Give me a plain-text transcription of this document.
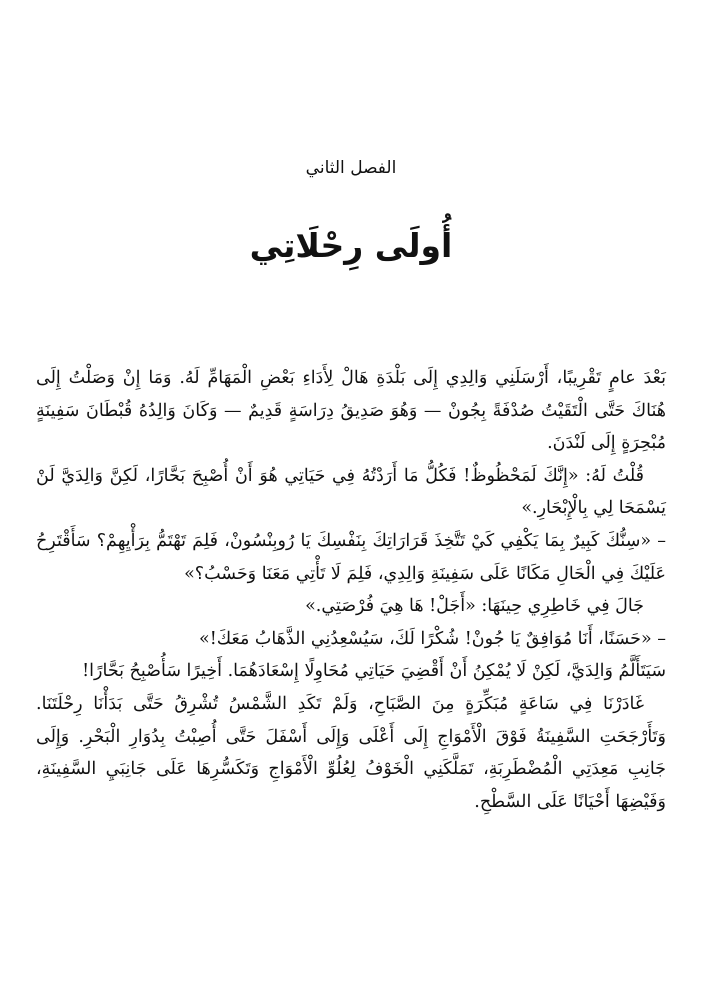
الفصل الثاني
أُولَى رِحْلَاتِي

بَعْدَ عامٍ تَقْرِيبًا، أَرْسَلَنِي وَالِدِي إِلَى بَلْدَةِ هَالْ لِأَدَاءِ بَعْضِ الْمَهَامِّ لَهُ. وَمَا إِنْ وَصَلْتُ إِلَى هُنَاكَ حَتَّى الْتَقَيْتُ صُدْفَةً بِجُونْ — وَهُوَ صَدِيقُ دِرَاسَةٍ قَدِيمٌ — وَكَانَ وَالِدُهُ قُبْطَانَ سَفِينَةٍ مُبْحِرَةٍ إِلَى لَنْدَنَ.

قُلْتُ لَهُ: «إِنَّكَ لَمَحْظُوظٌ! فَكُلُّ مَا أَرَدْتُهُ فِي حَيَاتِي هُوَ أَنْ أُصْبِحَ بَحَّارًا، لَكِنَّ وَالِدَيَّ لَنْ يَسْمَحَا لِي بِالْإِبْحَارِ.»

– «سِنُّكَ كَبِيرٌ بِمَا يَكْفِي كَيْ تَتَّخِذَ قَرَارَاتِكَ بِنَفْسِكَ يَا رُوبِنْسُونْ، فَلِمَ تَهْتَمُّ بِرَأْيِهِمْ؟ سَأَقْتَرِحُ عَلَيْكَ فِي الْحَالِ مَكَانًا عَلَى سَفِينَةِ وَالِدِي، فَلِمَ لَا تَأْتِي مَعَنَا وَحَسْبُ؟»

جَالَ فِي خَاطِرِي حِينَهَا: «أَجَلْ! هَا هِيَ فُرْصَتِي.»

– «حَسَنًا، أَنَا مُوَافِقٌ يَا جُونْ! شُكْرًا لَكَ، سَيُسْعِدُنِي الذَّهَابُ مَعَكَ!»

سَيَتَأَلَّمُ وَالِدَيَّ، لَكِنْ لَا يُمْكِنُ أَنْ أَقْضِيَ حَيَاتِي مُحَاوِلًا إِسْعَادَهُمَا. أَخِيرًا سَأُصْبِحُ بَحَّارًا!

غَادَرْنَا فِي سَاعَةٍ مُبَكِّرَةٍ مِنَ الصَّبَاحِ، وَلَمْ تَكَدِ الشَّمْسُ تُشْرِقُ حَتَّى بَدَأْنَا رِحْلَتَنَا. وَتَأَرْجَحَتِ السَّفِينَةُ فَوْقَ الْأَمْوَاجِ إِلَى أَعْلَى وَإِلَى أَسْفَلَ حَتَّى أُصِبْتُ بِدُوَارِ الْبَحْرِ. وَإِلَى جَانِبِ مَعِدَتِي الْمُضْطَرِبَةِ، تَمَلَّكَنِي الْخَوْفُ لِعُلُوِّ الْأَمْوَاجِ وَتَكَسُّرِهَا عَلَى جَانِبَيِ السَّفِينَةِ، وَفَيْضِهَا أَحْيَانًا عَلَى السَّطْحِ.
